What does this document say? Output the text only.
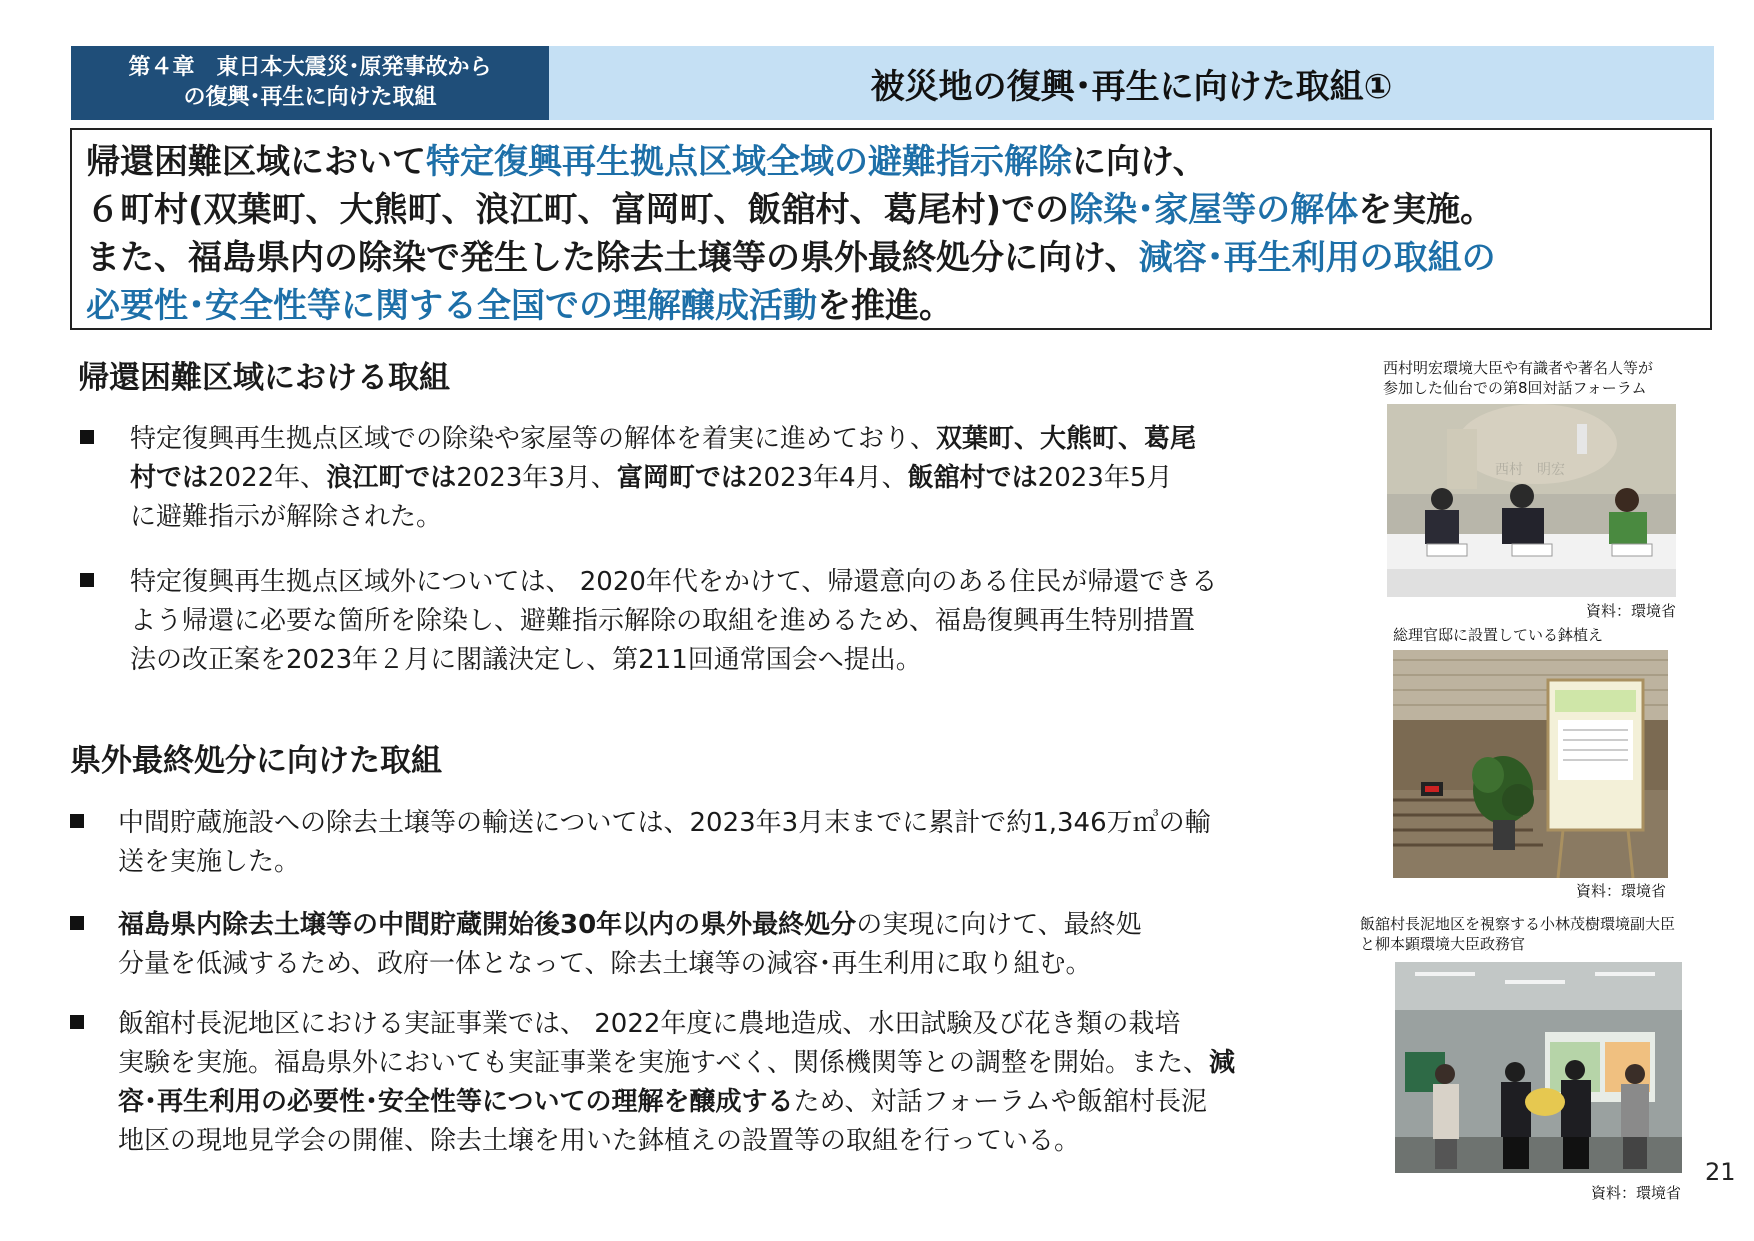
第４章　東日本大震災･原発事故から
の復興･再生に向けた取組	被災地の復興･再生に向けた取組①
帰還困難区域において特定復興再生拠点区域全域の避難指示解除に向け、
６町村(双葉町、大熊町、浪江町、富岡町、飯舘村、葛尾村)での除染･家屋等の解体を実施。
また、福島県内の除染で発生した除去土壌等の県外最終処分に向け、減容･再生利用の取組の
必要性･安全性等に関する全国での理解醸成活動を推進。
帰還困難区域における取組
特定復興再生拠点区域での除染や家屋等の解体を着実に進めており、双葉町、大熊町、葛尾
村では2022年、浪江町では2023年3月、富岡町では2023年4月、飯舘村では2023年5月
に避難指示が解除された。
特定復興再生拠点区域外については、 2020年代をかけて、帰還意向のある住民が帰還できる
よう帰還に必要な箇所を除染し、避難指示解除の取組を進めるため、福島復興再生特別措置
法の改正案を2023年２月に閣議決定し、第211回通常国会へ提出。
県外最終処分に向けた取組
中間貯蔵施設への除去土壌等の輸送については、2023年3月末までに累計で約1,346万㎥の輸
送を実施した。
福島県内除去土壌等の中間貯蔵開始後30年以内の県外最終処分の実現に向けて、最終処
分量を低減するため、政府一体となって、除去土壌等の減容･再生利用に取り組む。
飯舘村長泥地区における実証事業では、 2022年度に農地造成、水田試験及び花き類の栽培
実験を実施。福島県外においても実証事業を実施すべく、関係機関等との調整を開始。また、減
容･再生利用の必要性･安全性等についての理解を醸成するため、対話フォーラムや飯舘村長泥
地区の現地見学会の開催、除去土壌を用いた鉢植えの設置等の取組を行っている。
西村明宏環境大臣や有識者や著名人等が
参加した仙台での第8回対話フォーラム
西村　明宏
資料：環境省
総理官邸に設置している鉢植え
資料：環境省
飯舘村長泥地区を視察する小林茂樹環境副大臣
と柳本顕環境大臣政務官
資料：環境省
21
